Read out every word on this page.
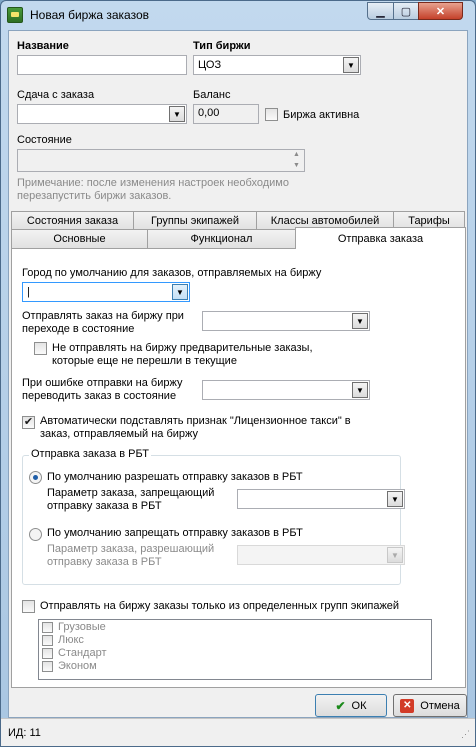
Новая биржа заказов	▁ ▢ ✕
Название	Тип биржи
ЦОЗ	▼
Сдача с заказа
▼
Баланс
0,00	Биржа активна
Состояние
▲
▼
Примечание: после изменения настроек необходимо перезапустить биржи заказов.
Состояния заказа	Группы экипажей	Классы автомобилей	Тарифы
Основные	Функционал	Отправка заказа
Город по умолчанию для заказов, отправляемых на биржу
|	▼
Отправлять заказ на биржу при переходе в состояние
▼
Не отправлять на биржу предварительные заказы, которые еще не перешли в текущие
При ошибке отправки на биржу переводить заказ в состояние	▼
✔ Автоматически подставлять признак "Лицензионное такси" в заказ, отправляемый на биржу
Отправка заказа в РБТ
По умолчанию разрешать отправку заказов в РБТ
Параметр заказа, запрещающий отправку заказа в РБТ
▼
По умолчанию запрещать отправку заказов в РБТ
Параметр заказа, разрешающий отправку заказа в РБТ
▼
Отправлять на биржу заказы только из определенных групп экипажей
Грузовые
Люкс
Стандарт
Эконом
✔ ОК	✕ Отмена
ИД: 11	⋰
